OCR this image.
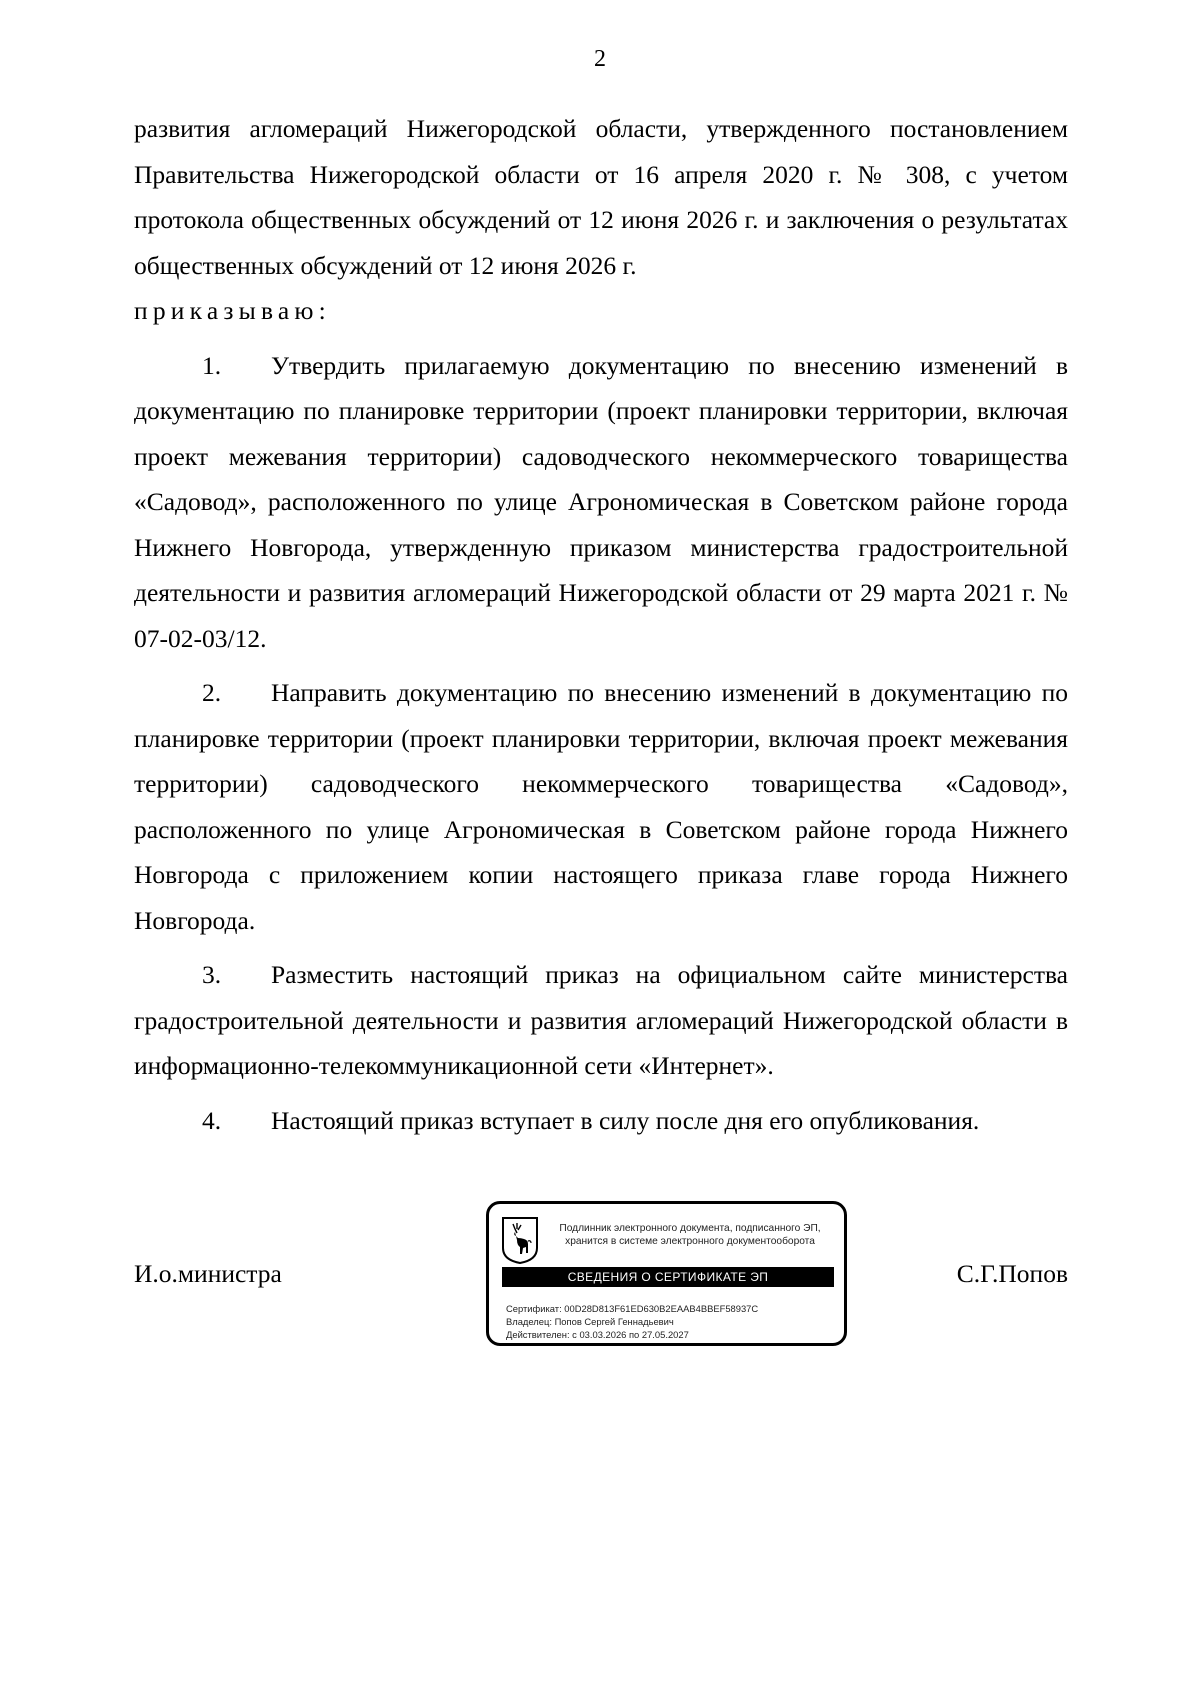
2

развития агломераций Нижегородской области, утвержденного постановлением Правительства Нижегородской области от 16 апреля 2020 г. № 308, с учетом протокола общественных обсуждений от 12 июня 2026 г. и заключения о результатах общественных обсуждений от 12 июня 2026 г.

приказываю:

1. Утвердить прилагаемую документацию по внесению изменений в документацию по планировке территории (проект планировки территории, включая проект межевания территории) садоводческого некоммерческого товарищества «Садовод», расположенного по улице Агрономическая в Советском районе города Нижнего Новгорода, утвержденную приказом министерства градостроительной деятельности и развития агломераций Нижегородской области от 29 марта 2021 г. № 07-02-03/12.

2. Направить документацию по внесению изменений в документацию по планировке территории (проект планировки территории, включая проект межевания территории) садоводческого некоммерческого товарищества «Садовод», расположенного по улице Агрономическая в Советском районе города Нижнего Новгорода с приложением копии настоящего приказа главе города Нижнего Новгорода.

3. Разместить настоящий приказ на официальном сайте министерства градостроительной деятельности и развития агломераций Нижегородской области в информационно-телекоммуникационной сети «Интернет».

4. Настоящий приказ вступает в силу после дня его опубликования.

И.о.министра	С.Г.Попов
Подлинник электронного документа, подписанного ЭП,
хранится в системе электронного документооборота
СВЕДЕНИЯ О СЕРТИФИКАТЕ ЭП
Сертификат: 00D28D813F61ED630B2EAAB4BBEF58937C
Владелец: Попов Сергей Геннадьевич
Действителен: с 03.03.2026 по 27.05.2027
